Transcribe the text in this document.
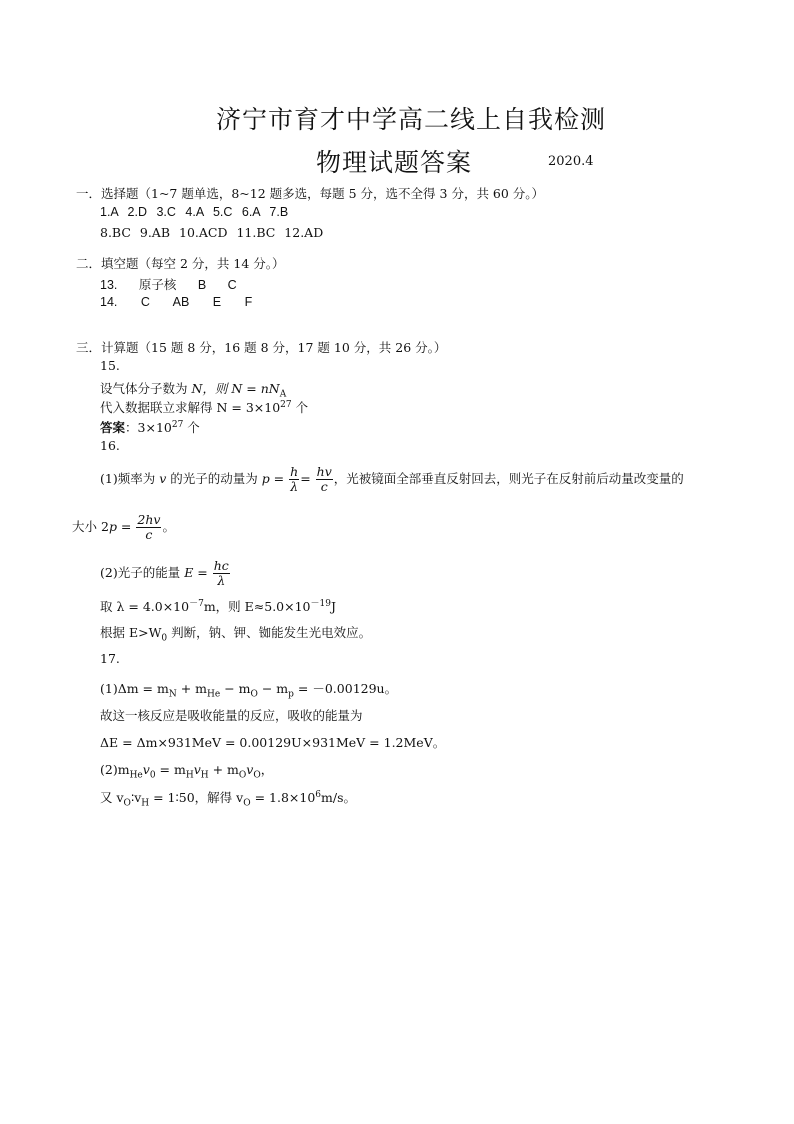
济宁市育才中学高二线上自我检测
物理试题答案	2020.4
一．选择题（1~7 题单选，8~12 题多选，每题 5 分，选不全得 3 分，共 60 分。）
1.A 2.D 3.C 4.A 5.C 6.A 7.B
8.BC 9.AB 10.ACD 11.BC 12.AD
二．填空题（每空 2 分，共 14 分。）
13. 原子核 B C
14. C AB E F
三．计算题（15 题 8 分，16 题 8 分，17 题 10 分，共 26 分。）
15.
设气体分子数为 N，则 $N = nN_A$
代入数据联立求解得 $N = 3\times 10^{27}$ 个
答案：$3\times 10^{27}$ 个
16.
(1)频率为 v 的光子的动量为 $p = \frac{h}{\lambda} = \frac{hv}{c}$ ，光被镜面全部垂直反射回去，则光子在反射前后动量改变量的
大小 $2p = \frac{2hv}{c}$ 。
(2)光子的能量 $E = \frac{hc}{\lambda}$
取 $\lambda = 4.0\times 10^{-7}m$，则 $E\approx 5.0\times 10^{-19}J$
根据 $E>W_0$ 判断，钠、钾、铷能发生光电效应。
17.
$(1)\Delta m = m_N + m_{He} - m_O - m_p = -0.00129u$。
故这一核反应是吸收能量的反应，吸收的能量为
ΔE = Δm×931MeV = 0.00129U×931MeV = 1.2MeV。
$(2)m_{He}v_0 = m_Hv_H + m_Ov_O$，
又 $v_O∶v_H$ = 1∶50，解得 $v_O = 1.8\times 10^6m/s$。
